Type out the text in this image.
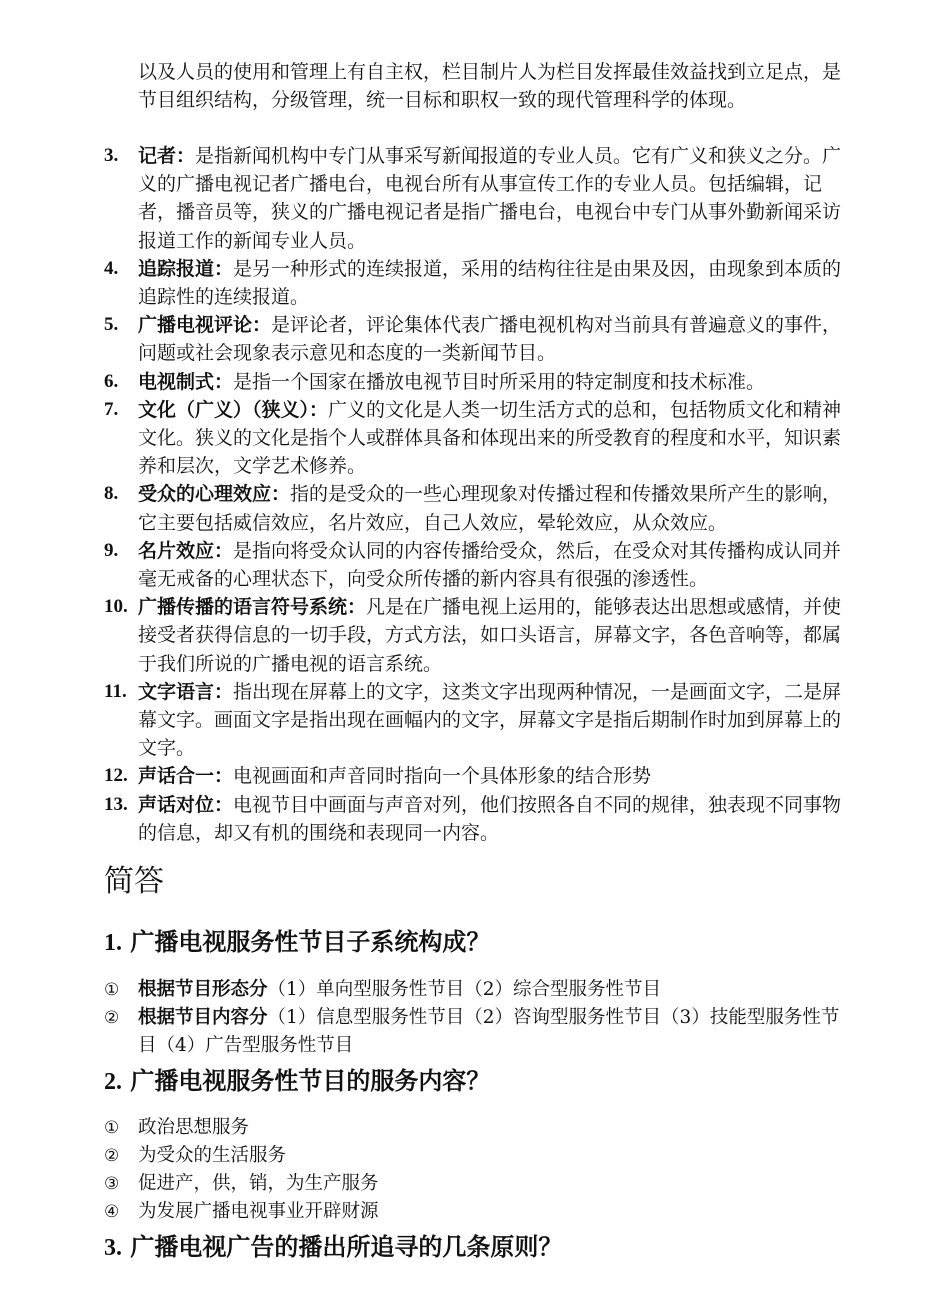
以及人员的使用和管理上有自主权，栏目制片人为栏目发挥最佳效益找到立足点，是节目组织结构，分级管理，统一目标和职权一致的现代管理科学的体现。

3. 记者：是指新闻机构中专门从事采写新闻报道的专业人员。它有广义和狭义之分。广义的广播电视记者广播电台，电视台所有从事宣传工作的专业人员。包括编辑，记者，播音员等，狭义的广播电视记者是指广播电台，电视台中专门从事外勤新闻采访报道工作的新闻专业人员。
4. 追踪报道：是另一种形式的连续报道，采用的结构往往是由果及因，由现象到本质的追踪性的连续报道。
5. 广播电视评论：是评论者，评论集体代表广播电视机构对当前具有普遍意义的事件，问题或社会现象表示意见和态度的一类新闻节目。
6. 电视制式：是指一个国家在播放电视节目时所采用的特定制度和技术标准。
7. 文化（广义）（狭义）：广义的文化是人类一切生活方式的总和，包括物质文化和精神文化。狭义的文化是指个人或群体具备和体现出来的所受教育的程度和水平，知识素养和层次，文学艺术修养。
8. 受众的心理效应：指的是受众的一些心理现象对传播过程和传播效果所产生的影响，它主要包括威信效应，名片效应，自己人效应，晕轮效应，从众效应。
9. 名片效应：是指向将受众认同的内容传播给受众，然后，在受众对其传播构成认同并毫无戒备的心理状态下，向受众所传播的新内容具有很强的渗透性。
10. 广播传播的语言符号系统：凡是在广播电视上运用的，能够表达出思想或感情，并使接受者获得信息的一切手段，方式方法，如口头语言，屏幕文字，各色音响等，都属于我们所说的广播电视的语言系统。
11. 文字语言：指出现在屏幕上的文字，这类文字出现两种情况，一是画面文字，二是屏幕文字。画面文字是指出现在画幅内的文字，屏幕文字是指后期制作时加到屏幕上的文字。
12. 声话合一：电视画面和声音同时指向一个具体形象的结合形势
13. 声话对位：电视节目中画面与声音对列，他们按照各自不同的规律，独表现不同事物的信息，却又有机的围绕和表现同一内容。
简答
1. 广播电视服务性节目子系统构成？
① 根据节目形态分（1）单向型服务性节目（2）综合型服务性节目
② 根据节目内容分（1）信息型服务性节目（2）咨询型服务性节目（3）技能型服务性节目（4）广告型服务性节目
2. 广播电视服务性节目的服务内容？
① 政治思想服务
② 为受众的生活服务
③ 促进产，供，销，为生产服务
④ 为发展广播电视事业开辟财源
3. 广播电视广告的播出所追寻的几条原则？
